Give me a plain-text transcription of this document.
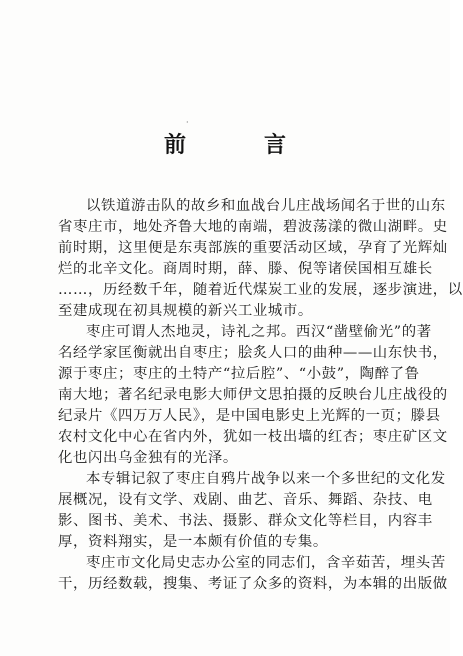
·
前　言
以铁道游击队的故乡和血战台儿庄战场闻名于世的山东
省枣庄市，地处齐鲁大地的南端，碧波荡漾的微山湖畔。史
前时期，这里便是东夷部族的重要活动区域，孕育了光辉灿
烂的北辛文化。商周时期，薛、滕、倪等诸侯国相互雄长
……，历经数千年，随着近代煤炭工业的发展，逐步演进，以
至建成现在初具规模的新兴工业城市。
枣庄可谓人杰地灵，诗礼之邦。西汉“凿壁偷光”的著
名经学家匡衡就出自枣庄；脍炙人口的曲种——山东快书，
源于枣庄；枣庄的土特产“拉后腔”、“小鼓”，陶醉了鲁
南大地；著名纪录电影大师伊文思拍摄的反映台儿庄战役的
纪录片《四万万人民》，是中国电影史上光辉的一页；滕县
农村文化中心在省内外，犹如一枝出墙的红杏；枣庄矿区文
化也闪出乌金独有的光泽。
本专辑记叙了枣庄自鸦片战争以来一个多世纪的文化发
展概况，设有文学、戏剧、曲艺、音乐、舞蹈、杂技、电
影、图书、美术、书法、摄影、群众文化等栏目，内容丰
厚，资料翔实，是一本颇有价值的专集。
枣庄市文化局史志办公室的同志们，含辛茹苦，埋头苦
干，历经数载，搜集、考证了众多的资料，为本辑的出版做
